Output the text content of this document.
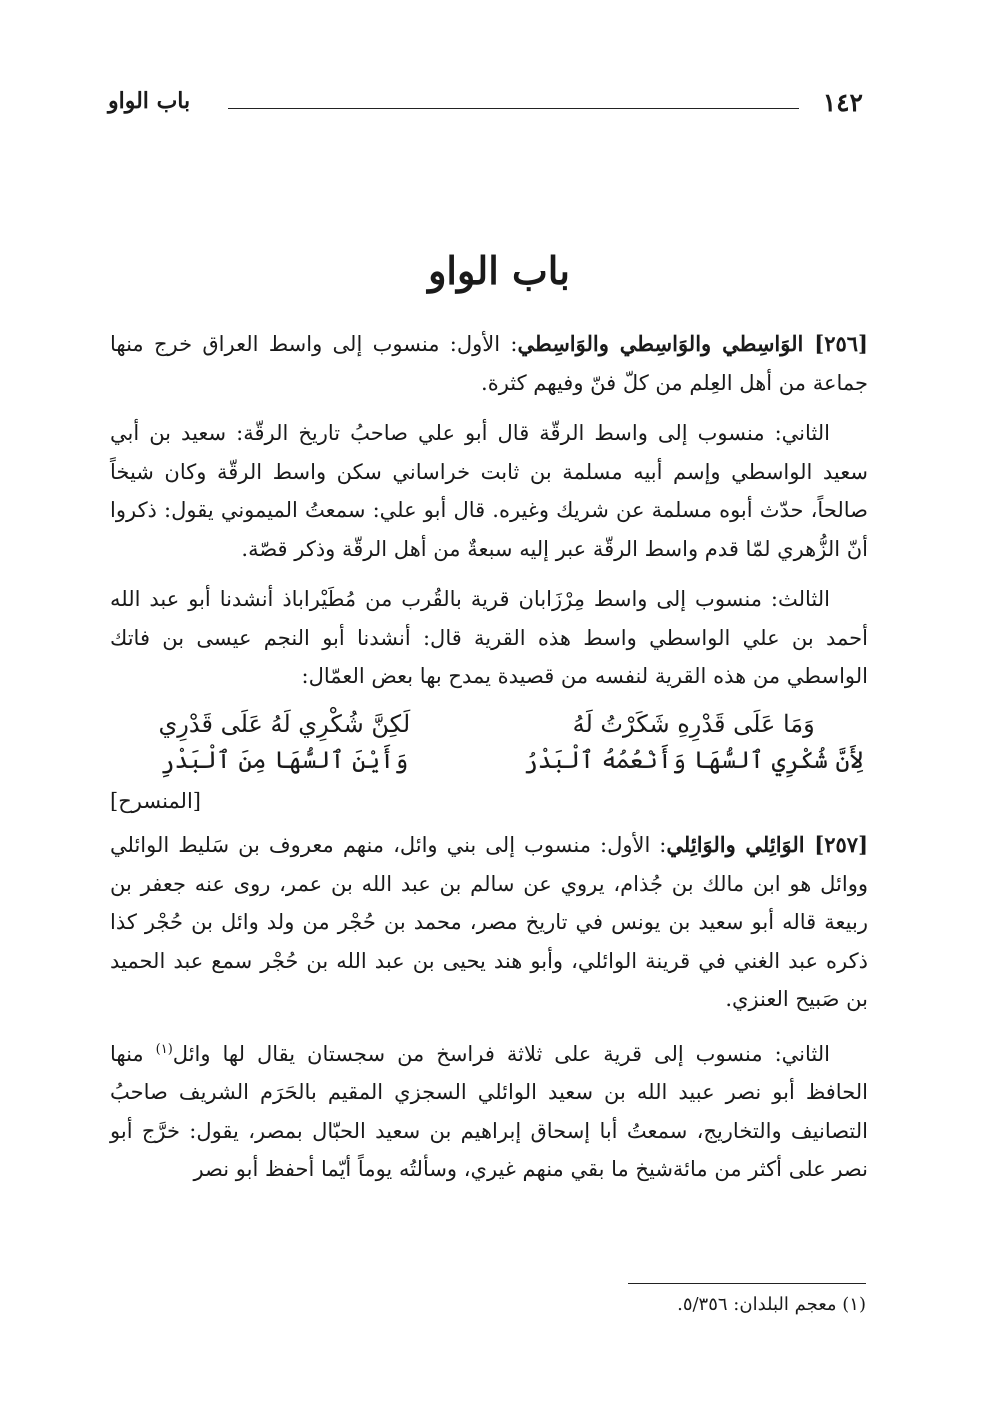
١٤٢
باب الواو
باب الواو

[٢٥٦] الوَاسِطي والوَاسِطي والوَاسِطي: الأول: منسوب إلى واسط العراق خرج منها جماعة من أهل العِلم من كلّ فنّ وفيهم كثرة.

الثاني: منسوب إلى واسط الرقّة قال أبو علي صاحبُ تاريخ الرقّة: سعيد بن أبي سعيد الواسطي وإسم أبيه مسلمة بن ثابت خراساني سكن واسط الرقّة وكان شيخاً صالحاً، حدّث أبوه مسلمة عن شريك وغيره. قال أبو علي: سمعتُ الميموني يقول: ذكروا أنّ الزُّهري لمّا قدم واسط الرقّة عبر إليه سبعةٌ من أهل الرقّة وذكر قصّة.

الثالث: منسوب إلى واسط مِرْزَابان قرية بالقُرب من مُطَيْراباذ أنشدنا أبو عبد الله أحمد بن علي الواسطي واسط هذه القرية قال: أنشدنا أبو النجم عيسى بن فاتك الواسطي من هذه القرية لنفسه من قصيدة يمدح بها بعض العمّال:

وَمَا عَلَى قَدْرِهِ شَكَرْتُ لَهُ
لَكِنَّ شُكْرِي لَهُ عَلَى قَدْرِي
لِأَنَّ شُكْرِي ٱلسُّهَا وَأَنْعُمُهُ ٱلْبَدْرُ
وَأَيْنَ ٱلسُّهَا مِنَ ٱلْبَدْرِ
[المنسرح]

[٢٥٧] الوَائِلي والوَائِلي: الأول: منسوب إلى بني وائل، منهم معروف بن سَليط الوائلي ووائل هو ابن مالك بن جُذام، يروي عن سالم بن عبد الله بن عمر، روى عنه جعفر بن ربيعة قاله أبو سعيد بن يونس في تاريخ مصر، محمد بن حُجْر من ولد وائل بن حُجْر كذا ذكره عبد الغني في قرينة الوائلي، وأبو هند يحيى بن عبد الله بن حُجْر سمع عبد الحميد بن صَبيح العنزي.

الثاني: منسوب إلى قرية على ثلاثة فراسخ من سجستان يقال لها وائل$^{(١)}$ منها الحافظ أبو نصر عبيد الله بن سعيد الوائلي السجزي المقيم بالحَرَم الشريف صاحبُ التصانيف والتخاريج، سمعتُ أبا إسحاق إبراهيم بن سعيد الحبّال بمصر، يقول: خرَّج أبو نصر على أكثر من مائةشيخ ما بقي منهم غيري، وسألتُه يوماً أيّما أحفظ أبو نصر

(١) معجم البلدان: ٥/٣٥٦.
